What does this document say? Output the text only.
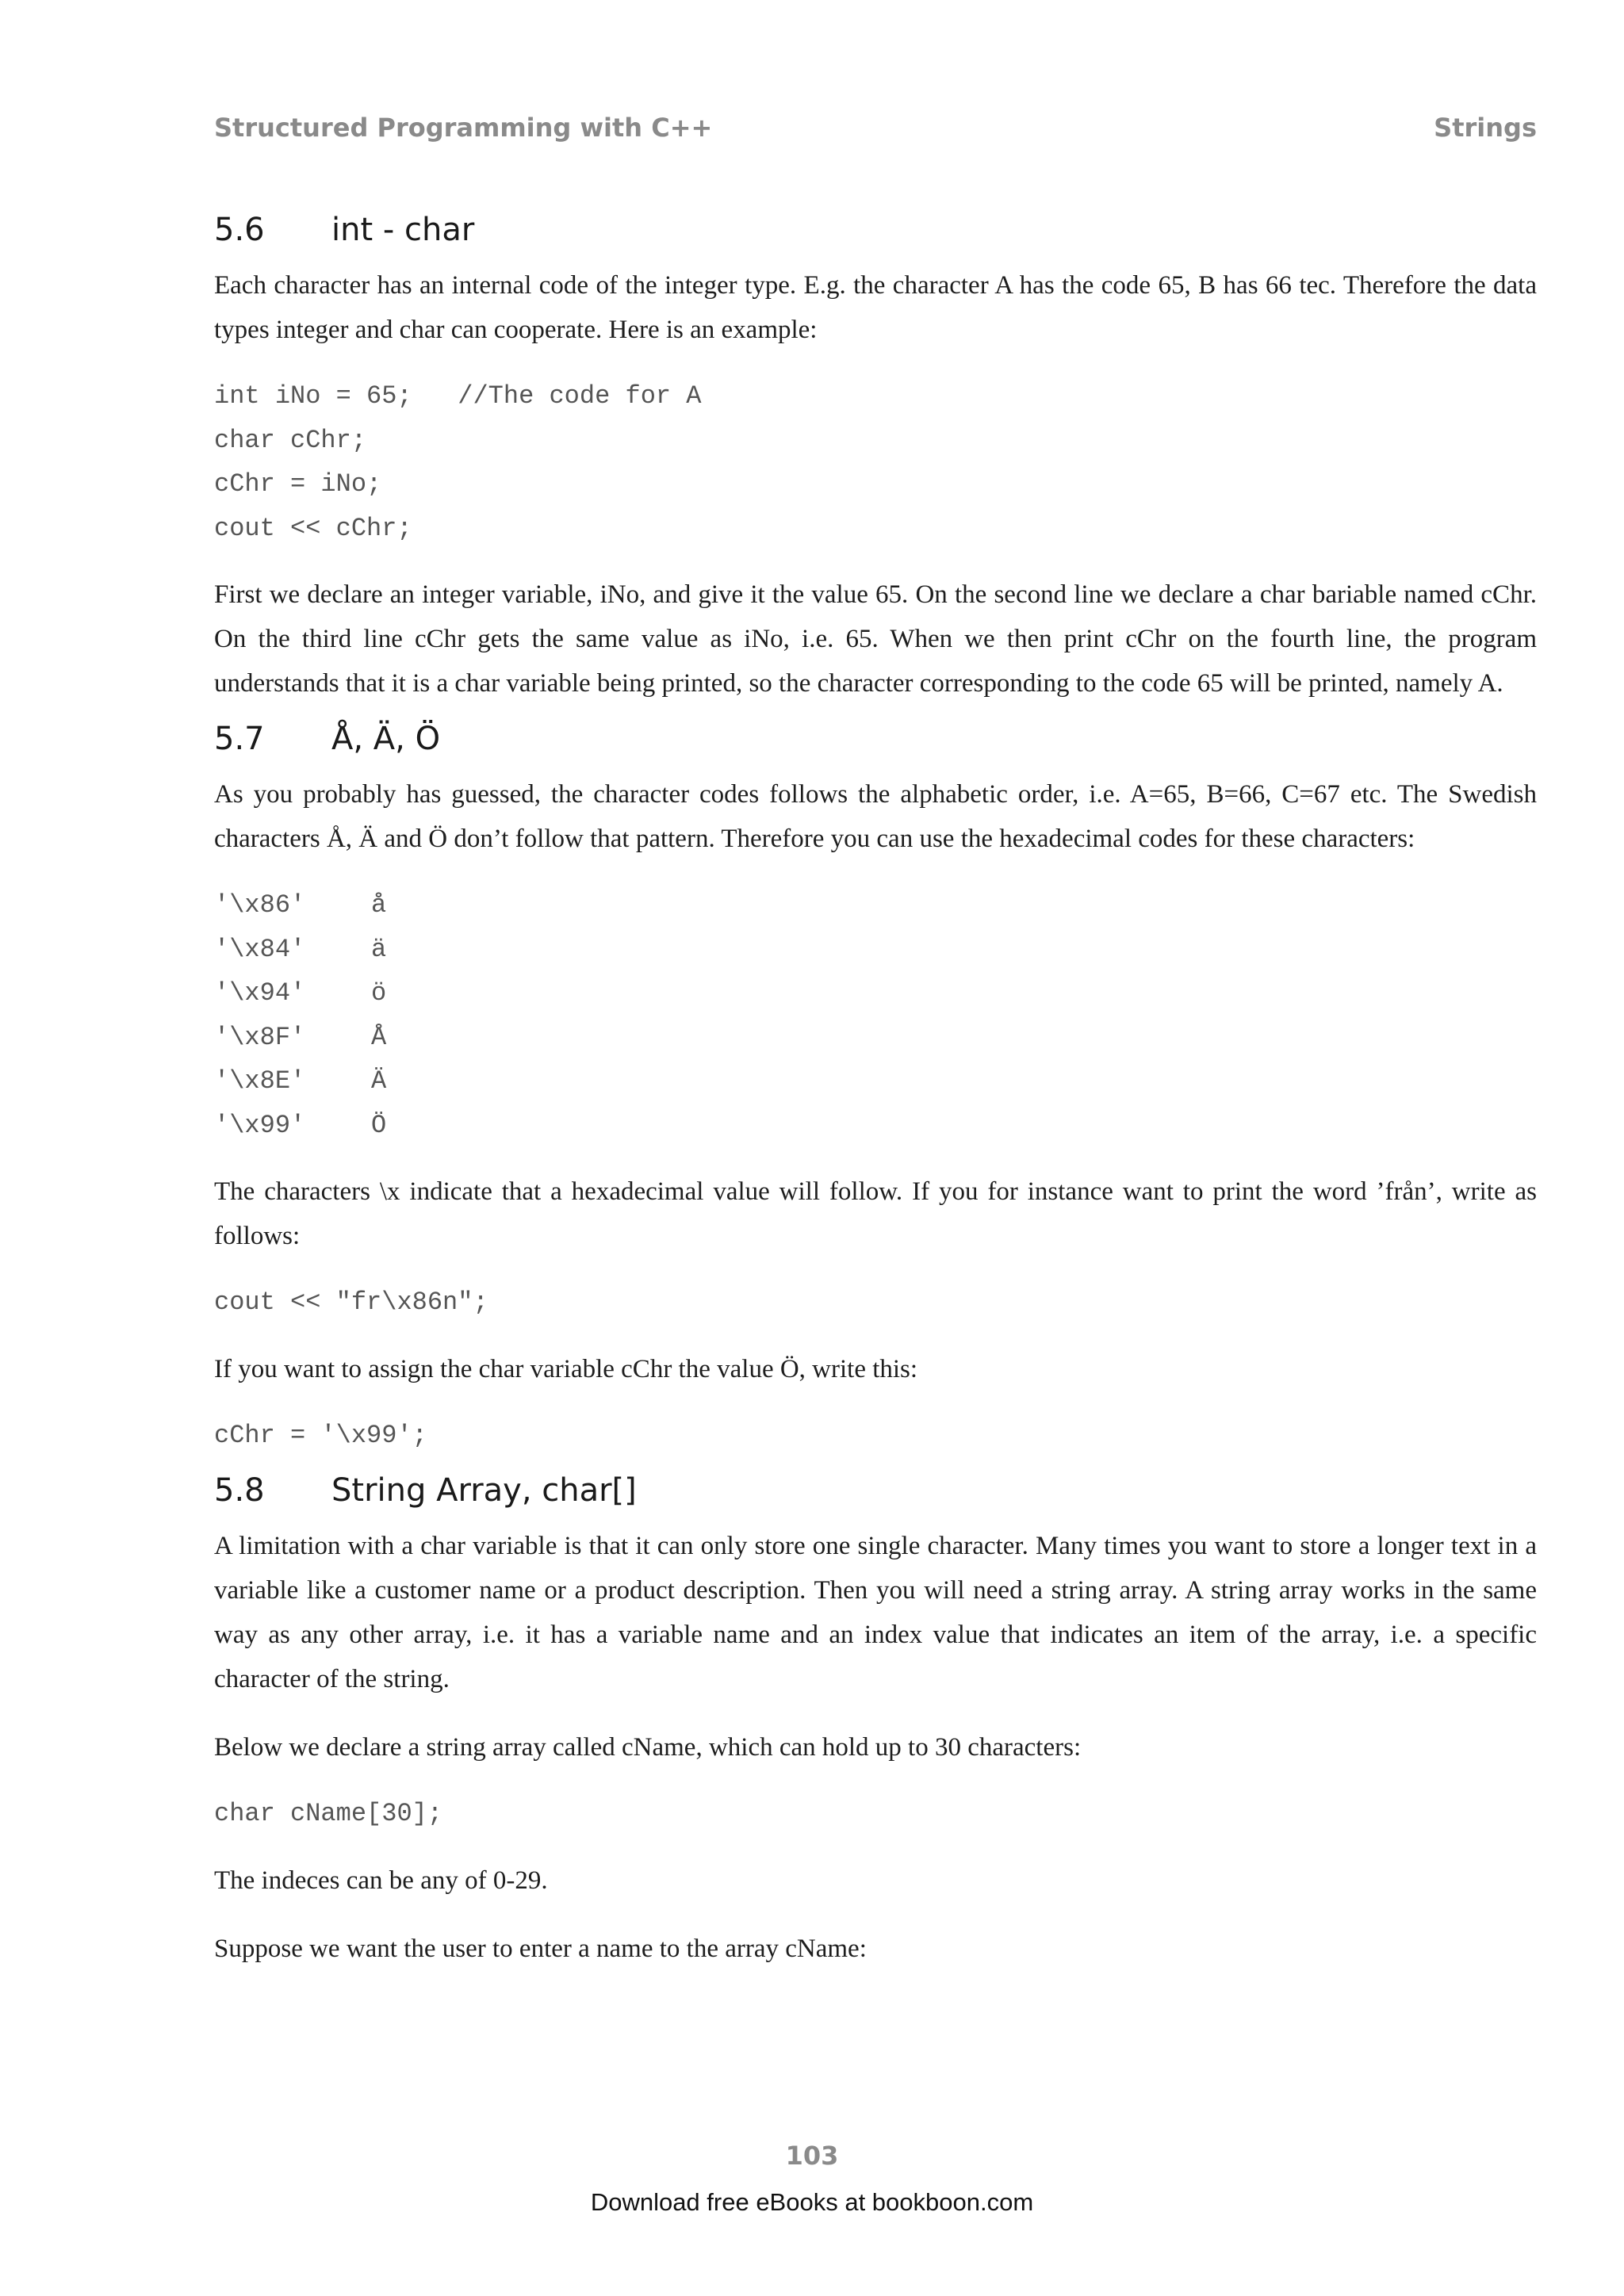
Structured Programming with C++	Strings
5.6 int - char

Each character has an internal code of the integer type. E.g. the character A has the code 65, B has 66 tec. Therefore the data types integer and char can cooperate. Here is an example:

int iNo = 65;   //The code for A
char cChr;
cChr = iNo;
cout << cChr;

First we declare an integer variable, iNo, and give it the value 65. On the second line we declare a char bariable named cChr. On the third line cChr gets the same value as iNo, i.e. 65. When we then print cChr on the fourth line, the program understands that it is a char variable being printed, so the character corresponding to the code 65 will be printed, namely A.

5.7 Å, Ä, Ö

As you probably has guessed, the character codes follows the alphabetic order, i.e. A=65, B=66, C=67 etc. The Swedish characters Å, Ä and Ö don’t follow that pattern. Therefore you can use the hexadecimal codes for these characters:

'\x86'	å
'\x84'	ä
'\x94'	ö
'\x8F'	Å
'\x8E'	Ä
'\x99'	Ö

The characters \x indicate that a hexadecimal value will follow. If you for instance want to print the word ’från’, write as follows:

cout << "fr\x86n";

If you want to assign the char variable cChr the value Ö, write this:

cChr = '\x99';
5.8 String Array, char[]

A limitation with a char variable is that it can only store one single character. Many times you want to store a longer text in a variable like a customer name or a product description. Then you will need a string array. A string array works in the same way as any other array, i.e. it has a variable name and an index value that indicates an item of the array, i.e. a specific character of the string.

Below we declare a string array called cName, which can hold up to 30 characters:

char cName[30];

The indeces can be any of 0-29.

Suppose we want the user to enter a name to the array cName:

103
Download free eBooks at bookboon.com
